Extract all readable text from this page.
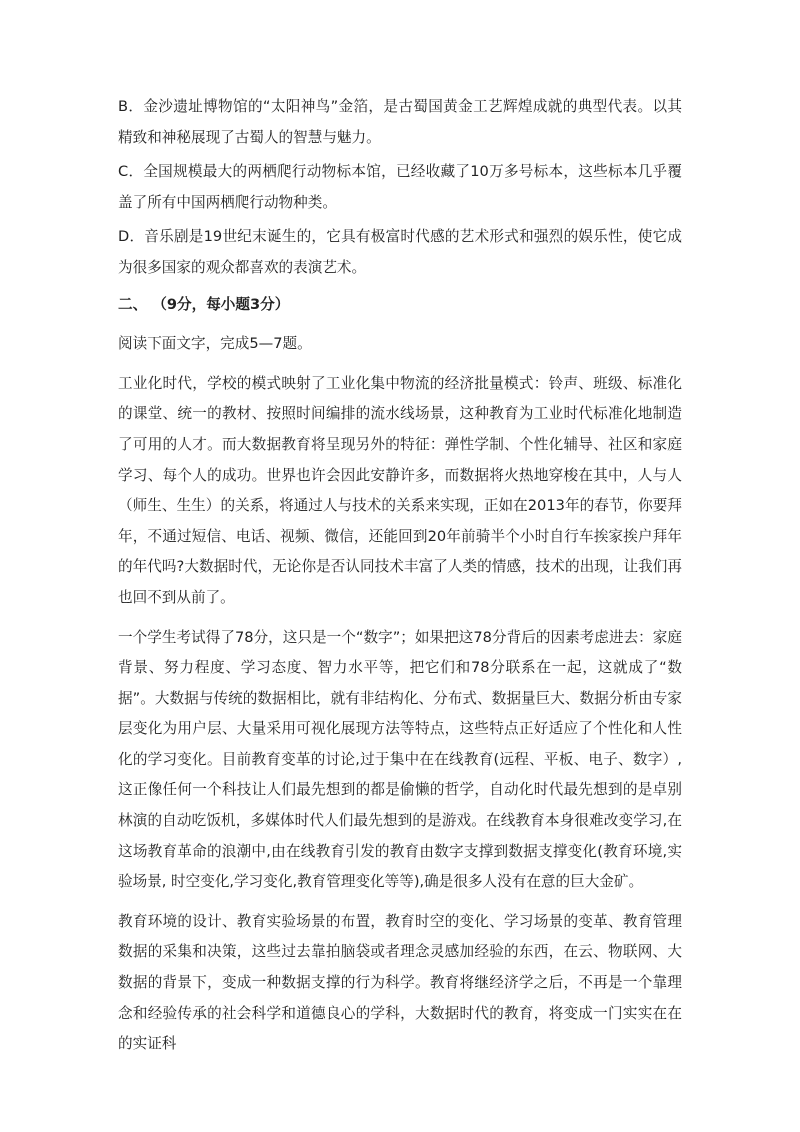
B．金沙遗址博物馆的“太阳神鸟”金箔，是古蜀国黄金工艺辉煌成就的典型代表。以其精致和神秘展现了古蜀人的智慧与魅力。

C．全国规模最大的两栖爬行动物标本馆，已经收藏了10万多号标本，这些标本几乎覆盖了所有中国两栖爬行动物种类。

D．音乐剧是19世纪末诞生的，它具有极富时代感的艺术形式和强烈的娱乐性，使它成为很多国家的观众都喜欢的表演艺术。

二、 （9分，每小题3分）

阅读下面文字，完成5—7题。

工业化时代，学校的模式映射了工业化集中物流的经济批量模式：铃声、班级、标准化的课堂、统一的教材、按照时间编排的流水线场景，这种教育为工业时代标准化地制造了可用的人才。而大数据教育将呈现另外的特征：弹性学制、个性化辅导、社区和家庭学习、每个人的成功。世界也许会因此安静许多，而数据将火热地穿梭在其中，人与人（师生、生生）的关系，将通过人与技术的关系来实现，正如在2013年的春节，你要拜年，不通过短信、电话、视频、微信，还能回到20年前骑半个小时自行车挨家挨户拜年的年代吗?大数据时代，无论你是否认同技术丰富了人类的情感，技术的出现，让我们再也回不到从前了。

一个学生考试得了78分，这只是一个“数字”；如果把这78分背后的因素考虑进去：家庭背景、努力程度、学习态度、智力水平等，把它们和78分联系在一起，这就成了“数据”。大数据与传统的数据相比，就有非结构化、分布式、数据量巨大、数据分析由专家层变化为用户层、大量采用可视化展现方法等特点，这些特点正好适应了个性化和人性化的学习变化。目前教育变革的讨论,过于集中在在线教育(远程、平板、电子、数字）,这正像任何一个科技让人们最先想到的都是偷懒的哲学，自动化时代最先想到的是卓别林演的自动吃饭机，多媒体时代人们最先想到的是游戏。在线教育本身很难改变学习,在这场教育革命的浪潮中,由在线教育引发的教育由数字支撑到数据支撑变化(教育环境,实验场景, 时空变化,学习变化,教育管理变化等等),确是很多人没有在意的巨大金矿。

教育环境的设计、教育实验场景的布置，教育时空的变化、学习场景的变革、教育管理数据的采集和决策，这些过去靠拍脑袋或者理念灵感加经验的东西，在云、物联网、大数据的背景下，变成一种数据支撑的行为科学。教育将继经济学之后，不再是一个靠理念和经验传承的社会科学和道德良心的学科，大数据时代的教育，将变成一门实实在在的实证科
